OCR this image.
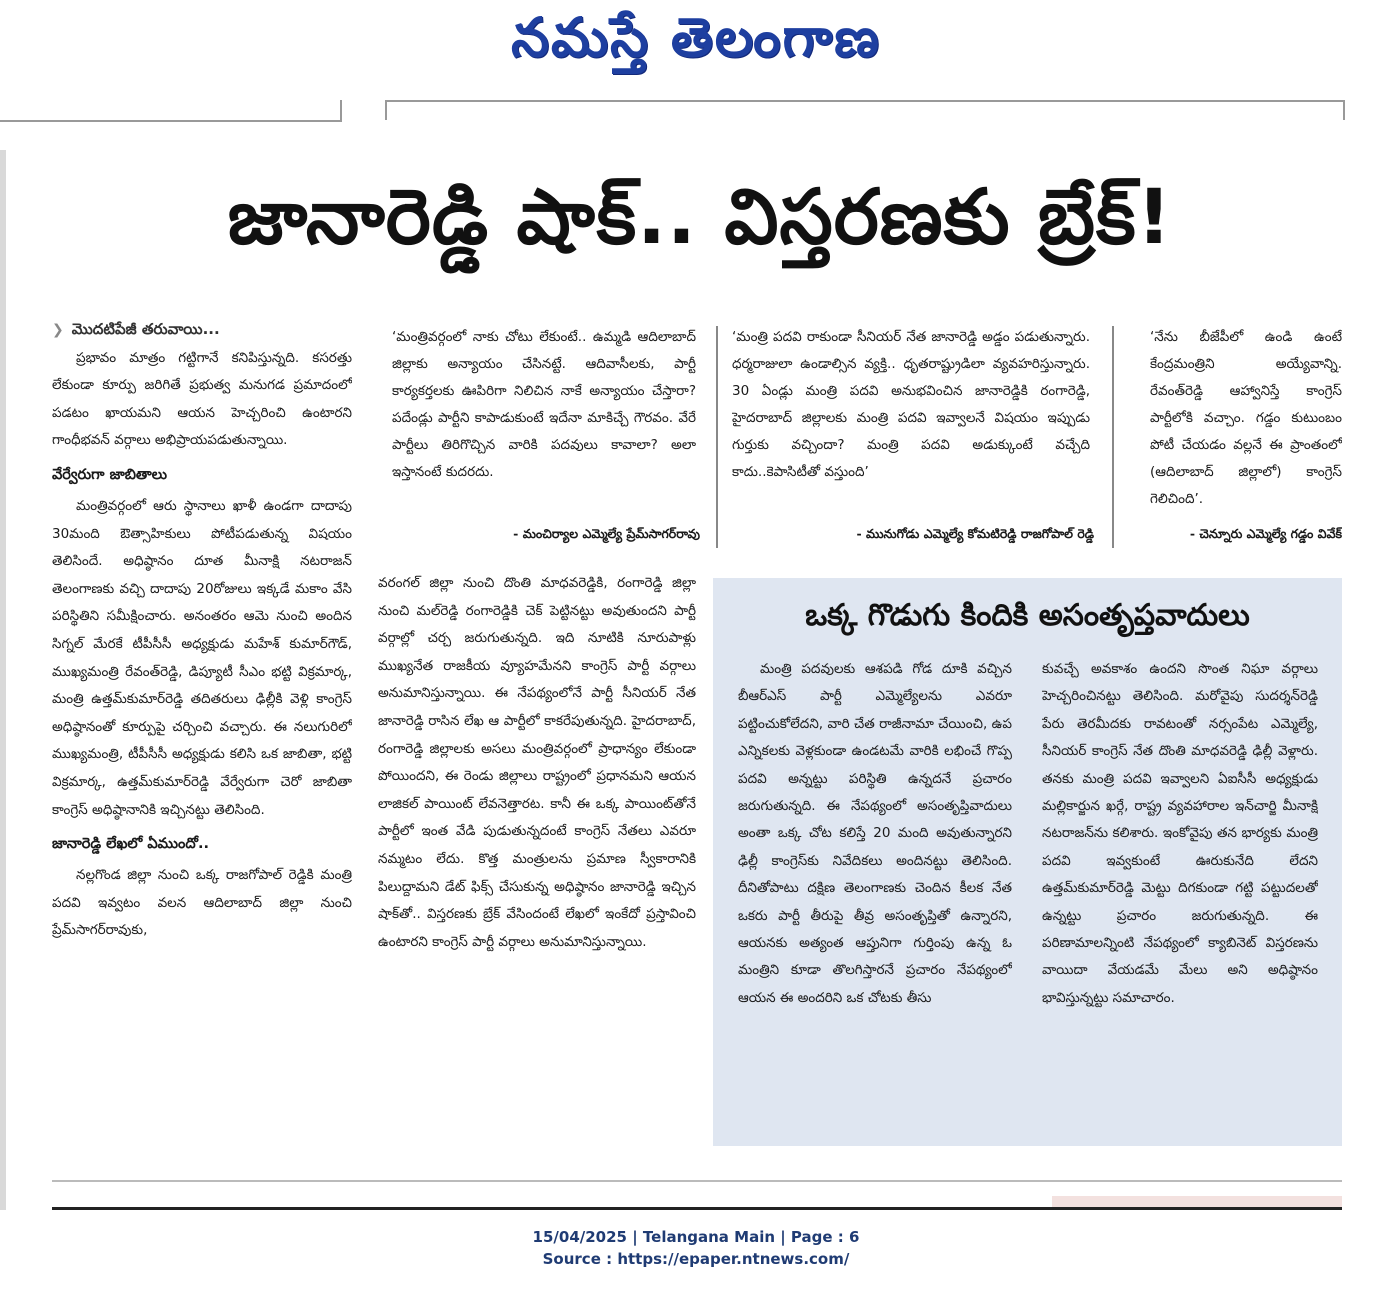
నమస్తే తెలంగాణ
జానారెడ్డి షాక్.. విస్తరణకు బ్రేక్!
❯ మొదటిపేజీ తరువాయి...

ప్రభావం మాత్రం గట్టిగానే కనిపిస్తున్నది. కసరత్తు లేకుండా కూర్పు జరిగితే ప్రభుత్వ మనుగడ ప్రమాదంలో పడటం ఖాయమని ఆయన హెచ్చరించి ఉంటారని గాంధీభవన్ వర్గాలు అభిప్రాయపడుతున్నాయి.

వేర్వేరుగా జాబితాలు

మంత్రివర్గంలో ఆరు స్థానాలు ఖాళీ ఉండగా దాదాపు 30మంది ఔత్సాహికులు పోటీపడుతున్న విషయం తెలిసిందే. అధిష్ఠానం దూత మీనాక్షి నటరాజన్ తెలంగాణకు వచ్చి దాదాపు 20రోజులు ఇక్కడే మకాం వేసి పరిస్థితిని సమీక్షించారు. అనంతరం ఆమె నుంచి అందిన సిగ్నల్ మేరకే టీపీసీసీ అధ్యక్షుడు మహేశ్ కుమార్‌గౌడ్, ముఖ్యమంత్రి రేవంత్‌రెడ్డి, డిప్యూటీ సీఎం భట్టి విక్రమార్క, మంత్రి ఉత్తమ్‌కుమార్‌రెడ్డి తదితరులు ఢిల్లీకి వెళ్లి కాంగ్రెస్ అధిష్ఠానంతో కూర్పుపై చర్చించి వచ్చారు. ఈ నలుగురిలో ముఖ్యమంత్రి, టీపీసీసీ అధ్యక్షుడు కలిసి ఒక జాబితా, భట్టి విక్రమార్క, ఉత్తమ్‌కుమార్‌రెడ్డి వేర్వేరుగా చెరో జాబితా కాంగ్రెస్ అధిష్ఠానానికి ఇచ్చినట్టు తెలిసింది.

జానారెడ్డి లేఖలో ఏముందో..

నల్లగొండ జిల్లా నుంచి ఒక్క రాజగోపాల్ రెడ్డికి మంత్రి పదవి ఇవ్వటం వలన ఆదిలాబాద్ జిల్లా నుంచి ప్రేమ్‌సాగర్‌రావుకు,

వరంగల్ జిల్లా నుంచి దొంతి మాధవరెడ్డికి, రంగారెడ్డి జిల్లా నుంచి మల్‌రెడ్డి రంగారెడ్డికి చెక్ పెట్టినట్టు అవుతుందని పార్టీ వర్గాల్లో చర్చ జరుగుతున్నది. ఇది నూటికి నూరుపాళ్లు ముఖ్యనేత రాజకీయ వ్యూహమేనని కాంగ్రెస్ పార్టీ వర్గాలు అనుమానిస్తున్నాయి. ఈ నేపథ్యంలోనే పార్టీ సీనియర్ నేత జానారెడ్డి రాసిన లేఖ ఆ పార్టీలో కాకరేపుతున్నది. హైదరాబాద్, రంగారెడ్డి జిల్లాలకు అసలు మంత్రివర్గంలో ప్రాధాన్యం లేకుండా పోయిందని, ఈ రెండు జిల్లాలు రాష్ట్రంలో ప్రధానమని ఆయన లాజికల్ పాయింట్ లేవనెత్తారట. కానీ ఈ ఒక్క పాయింట్‌తోనే పార్టీలో ఇంత వేడి పుడుతున్నదంటే కాంగ్రెస్ నేతలు ఎవరూ నమ్మటం లేదు. కొత్త మంత్రులను ప్రమాణ స్వీకారానికి పిలుద్దామని డేట్ ఫిక్స్ చేసుకున్న అధిష్ఠానం జానారెడ్డి ఇచ్చిన షాక్‌తో.. విస్తరణకు బ్రేక్ వేసిందంటే లేఖలో ఇంకేదో ప్రస్తావించి ఉంటారని కాంగ్రెస్ పార్టీ వర్గాలు అనుమానిస్తున్నాయి.

‘మంత్రివర్గంలో నాకు చోటు లేకుంటే.. ఉమ్మడి ఆదిలాబాద్ జిల్లాకు అన్యాయం చేసినట్టే. ఆదివాసీలకు, పార్టీ కార్యకర్తలకు ఊపిరిగా నిలిచిన నాకే అన్యాయం చేస్తారా? పదేండ్లు పార్టీని కాపాడుకుంటే ఇదేనా మాకిచ్చే గౌరవం. వేరే పార్టీలు తిరిగొచ్చిన వారికి పదవులు కావాలా? అలా ఇస్తానంటే కుదరదు.
- మంచిర్యాల ఎమ్మెల్యే ప్రేమ్‌సాగర్‌రావు
‘మంత్రి పదవి రాకుండా సీనియర్ నేత జానారెడ్డి అడ్డం పడుతున్నారు. ధర్మరాజులా ఉండాల్సిన వ్యక్తి.. ధృతరాష్ట్రుడిలా వ్యవహరిస్తున్నారు. 30 ఏండ్లు మంత్రి పదవి అనుభవించిన జానారెడ్డికి రంగారెడ్డి, హైదరాబాద్ జిల్లాలకు మంత్రి పదవి ఇవ్వాలనే విషయం ఇప్పుడు గుర్తుకు వచ్చిందా? మంత్రి పదవి అడుక్కుంటే వచ్చేది కాదు..కెపాసిటీతో వస్తుంది’
- మునుగోడు ఎమ్మెల్యే కోమటిరెడ్డి రాజగోపాల్ రెడ్డి
‘నేను బీజేపీలో ఉండి ఉంటే కేంద్రమంత్రిని అయ్యేవాన్ని. రేవంత్‌రెడ్డి ఆహ్వానిస్తే కాంగ్రెస్ పార్టీలోకి వచ్చాం. గడ్డం కుటుంబం పోటీ చేయడం వల్లనే ఈ ప్రాంతంలో (ఆదిలాబాద్ జిల్లాలో) కాంగ్రెస్ గెలిచింది’.
- చెన్నూరు ఎమ్మెల్యే గడ్డం వివేక్
ఒక్క గొడుగు కిందికి అసంతృప్తవాదులు

మంత్రి పదవులకు ఆశపడి గోడ దూకి వచ్చిన బీఆర్‌ఎస్ పార్టీ ఎమ్మెల్యేలను ఎవరూ పట్టించుకోలేదని, వారి చేత రాజీనామా చేయించి, ఉప ఎన్నికలకు వెళ్లకుండా ఉండటమే వారికి లభించే గొప్ప పదవి అన్నట్టు పరిస్థితి ఉన్నదనే ప్రచారం జరుగుతున్నది. ఈ నేపథ్యంలో అసంతృప్తివాదులు అంతా ఒక్క చోట కలిస్తే 20 మంది అవుతున్నారని ఢిల్లీ కాంగ్రెస్‌కు నివేదికలు అందినట్టు తెలిసింది. దీనితోపాటు దక్షిణ తెలంగాణకు చెందిన కీలక నేత ఒకరు పార్టీ తీరుపై తీవ్ర అసంతృప్తితో ఉన్నారని, ఆయనకు అత్యంత ఆప్తునిగా గుర్తింపు ఉన్న ఓ మంత్రిని కూడా తొలగిస్తారనే ప్రచారం నేపథ్యంలో ఆయన ఈ అందరిని ఒక చోటకు తీసు

కువచ్చే అవకాశం ఉందని సొంత నిఘా వర్గాలు హెచ్చరించినట్టు తెలిసింది. మరోవైపు సుదర్శన్‌రెడ్డి పేరు తెరమీదకు రావటంతో నర్సంపేట ఎమ్మెల్యే, సీనియర్ కాంగ్రెస్ నేత దొంతి మాధవరెడ్డి ఢిల్లీ వెళ్లారు. తనకు మంత్రి పదవి ఇవ్వాలని ఏఐసీసీ అధ్యక్షుడు మల్లికార్జున ఖర్గే, రాష్ట్ర వ్యవహారాల ఇన్‌చార్జి మీనాక్షి నటరాజన్‌ను కలిశారు. ఇంకోవైపు తన భార్యకు మంత్రి పదవి ఇవ్వకుంటే ఊరుకునేది లేదని ఉత్తమ్‌కుమార్‌రెడ్డి మెట్టు దిగకుండా గట్టి పట్టుదలతో ఉన్నట్టు ప్రచారం జరుగుతున్నది. ఈ పరిణామాలన్నింటి నేపథ్యంలో క్యాబినెట్ విస్తరణను వాయిదా వేయడమే మేలు అని అధిష్ఠానం భావిస్తున్నట్టు సమాచారం.

15/04/2025 | Telangana Main | Page : 6
Source : https://epaper.ntnews.com/
